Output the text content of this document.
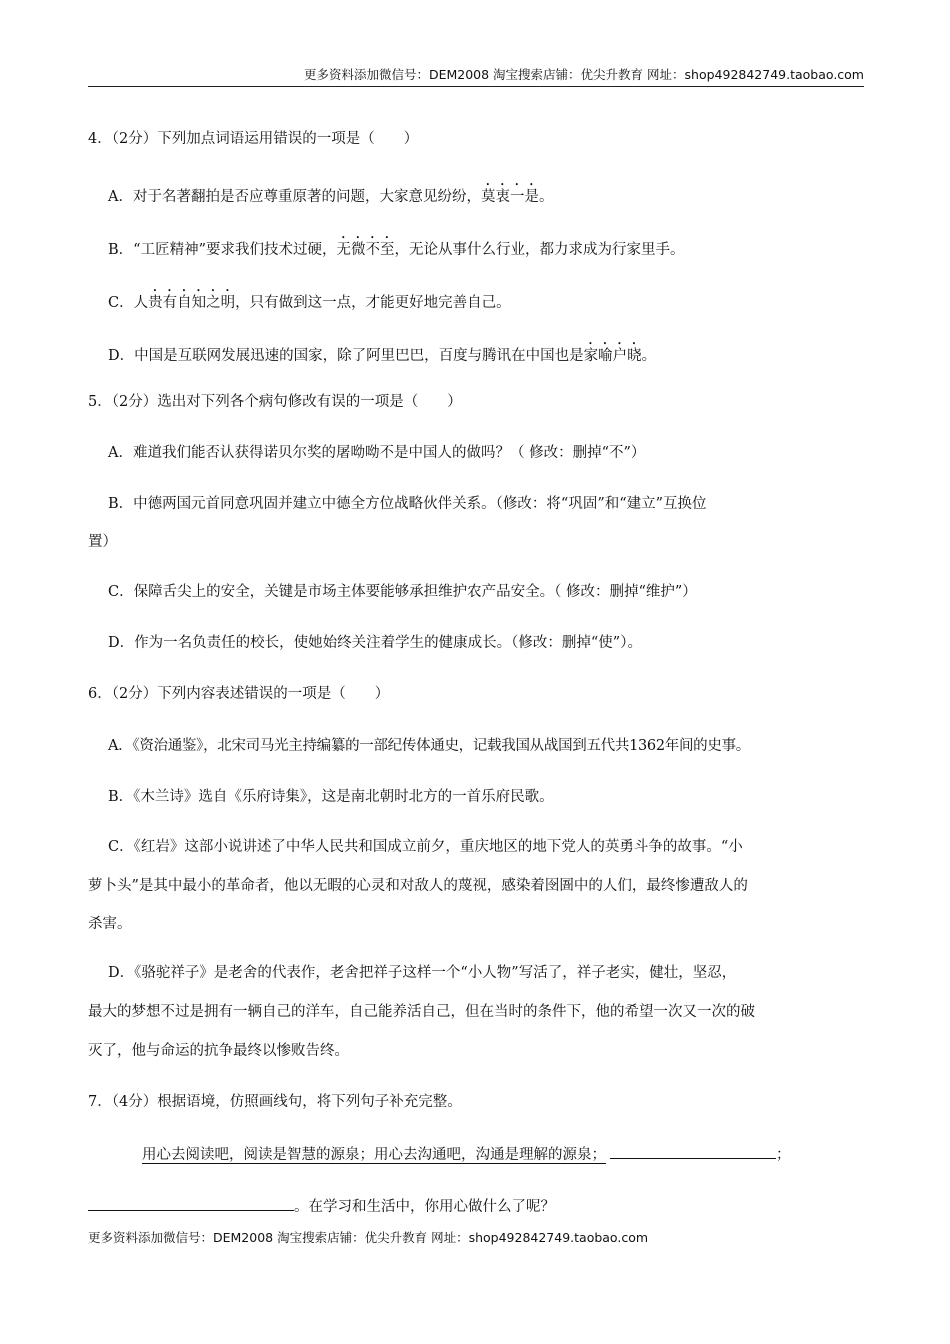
更多资料添加微信号：DEM2008 淘宝搜索店铺：优尖升教育 网址：shop492842749.taobao.com
4．（2分）下列加点词语运用错误的一项是（　　）
A．对于名著翻拍是否应尊重原著的问题，大家意见纷纷，莫衷一是。
B．“工匠精神”要求我们技术过硬，无微不至，无论从事什么行业，都力求成为行家里手。
C．人贵有自知之明，只有做到这一点，才能更好地完善自己。
D．中国是互联网发展迅速的国家，除了阿里巴巴，百度与腾讯在中国也是家喻户晓。
5．（2分）选出对下列各个病句修改有误的一项是（　　）
A．难道我们能否认获得诺贝尔奖的屠呦呦不是中国人的做吗？（ 修改：删掉“不”）
B．中德两国元首同意巩固并建立中德全方位战略伙伴关系。（修改：将“巩固”和“建立”互换位
置）
C．保障舌尖上的安全，关键是市场主体要能够承担维护农产品安全。（ 修改：删掉“维护”）
D．作为一名负责任的校长，使她始终关注着学生的健康成长。（修改：删掉“使”）。
6．（2分）下列内容表述错误的一项是（　　）
A．《资治通鉴》，北宋司马光主持编纂的一部纪传体通史，记载我国从战国到五代共1362年间的史事。
B．《木兰诗》选自《乐府诗集》，这是南北朝时北方的一首乐府民歌。
C．《红岩》这部小说讲述了中华人民共和国成立前夕，重庆地区的地下党人的英勇斗争的故事。“小
萝卜头”是其中最小的革命者，他以无暇的心灵和对敌人的蔑视，感染着囹圄中的人们，最终惨遭敌人的
杀害。
D．《骆驼祥子》是老舍的代表作，老舍把祥子这样一个“小人物”写活了，祥子老实，健壮，坚忍，
最大的梦想不过是拥有一辆自己的洋车，自己能养活自己，但在当时的条件下，他的希望一次又一次的破
灭了，他与命运的抗争最终以惨败告终。
7．（4分）根据语境，仿照画线句，将下列句子补充完整。
用心去阅读吧，阅读是智慧的源泉；用心去沟通吧，沟通是理解的源泉；	；
。在学习和生活中，你用心做什么了呢？
更多资料添加微信号：DEM2008 淘宝搜索店铺：优尖升教育 网址：shop492842749.taobao.com
